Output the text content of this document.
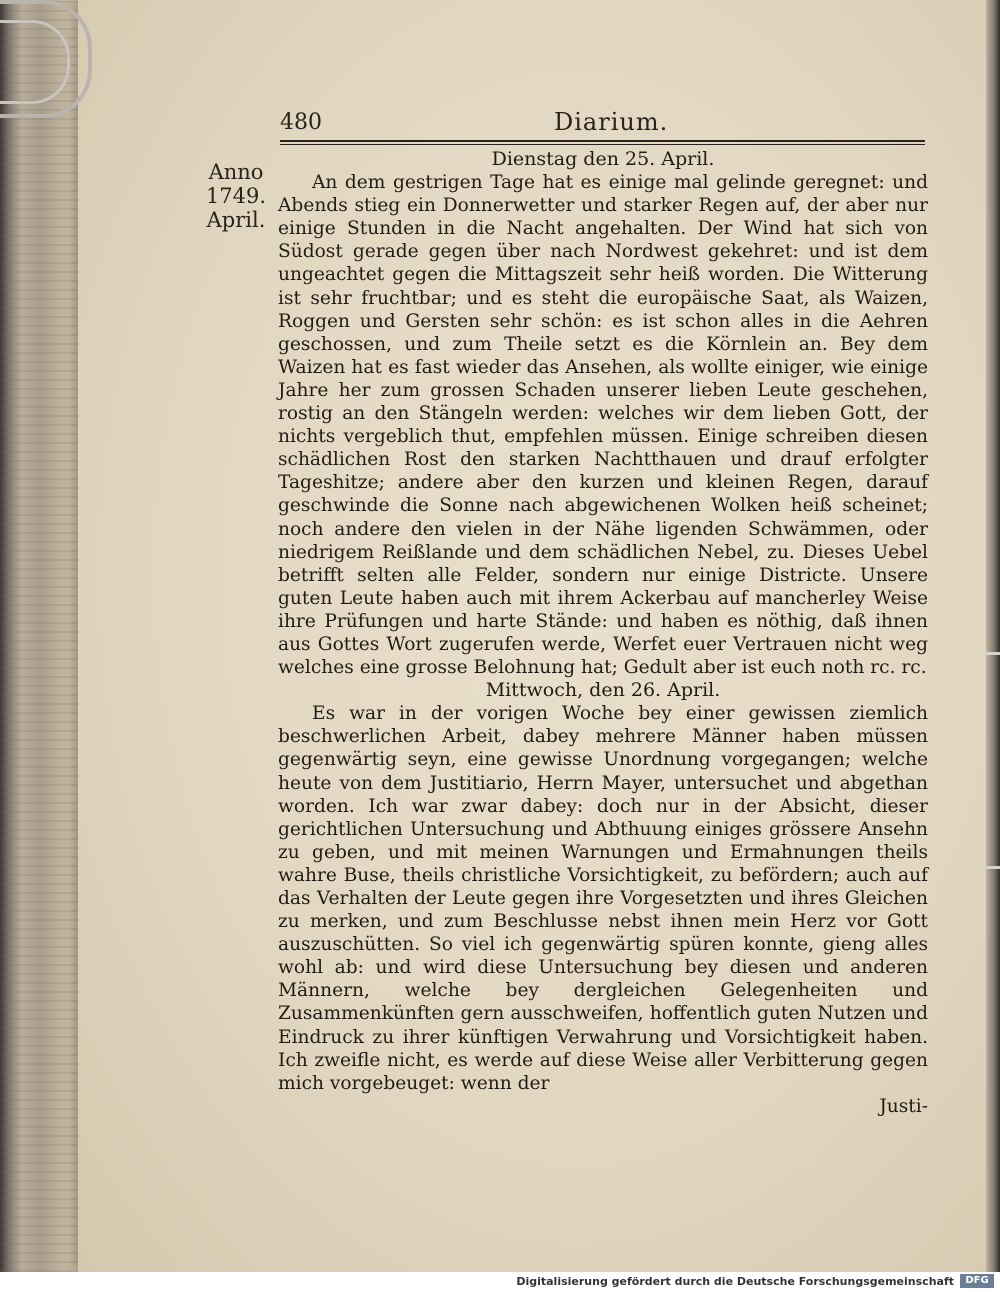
480	Diarium.
Anno
1749.
April.
Dienstag den 25. April.
An dem gestrigen Tage hat es einige mal gelinde geregnet: und Abends stieg ein Donnerwetter und starker Regen auf, der aber nur einige Stunden in die Nacht angehalten. Der Wind hat sich von Südost gerade gegen über nach Nordwest gekehret: und ist dem ungeachtet gegen die Mittagszeit sehr heiß worden. Die Witterung ist sehr fruchtbar; und es steht die europäische Saat, als Waizen, Roggen und Gersten sehr schön: es ist schon alles in die Aehren geschossen, und zum Theile setzt es die Körnlein an. Bey dem Waizen hat es fast wieder das Ansehen, als wollte einiger, wie einige Jahre her zum grossen Schaden unserer lieben Leute geschehen, rostig an den Stängeln werden: welches wir dem lieben Gott, der nichts vergeblich thut, empfehlen müssen. Einige schreiben diesen schädlichen Rost den starken Nachtthauen und drauf erfolgter Tageshitze; andere aber den kurzen und kleinen Regen, darauf geschwinde die Sonne nach abgewichenen Wolken heiß scheinet; noch andere den vielen in der Nähe ligenden Schwämmen, oder niedrigem Reißlande und dem schädlichen Nebel, zu. Dieses Uebel betrifft selten alle Felder, sondern nur einige Districte. Unsere guten Leute haben auch mit ihrem Ackerbau auf mancherley Weise ihre Prüfungen und harte Stände: und haben es nöthig, daß ihnen aus Gottes Wort zugerufen werde, Werfet euer Vertrauen nicht weg welches eine grosse Belohnung hat; Gedult aber ist euch noth rc. rc.
Mittwoch, den 26. April.
Es war in der vorigen Woche bey einer gewissen ziemlich beschwerlichen Arbeit, dabey mehrere Männer haben müssen gegenwärtig seyn, eine gewisse Unordnung vorgegangen; welche heute von dem Justitiario, Herrn Mayer, untersuchet und abgethan worden. Ich war zwar dabey: doch nur in der Absicht, dieser gerichtlichen Untersuchung und Abthuung einiges grössere Ansehn zu geben, und mit meinen Warnungen und Ermahnungen theils wahre Buse, theils christliche Vorsichtigkeit, zu befördern; auch auf das Verhalten der Leute gegen ihre Vorgesetzten und ihres Gleichen zu merken, und zum Beschlusse nebst ihnen mein Herz vor Gott auszuschütten. So viel ich gegenwärtig spüren konnte, gieng alles wohl ab: und wird diese Untersuchung bey diesen und anderen Männern, welche bey dergleichen Gelegenheiten und Zusammenkünften gern ausschweifen, hoffentlich guten Nutzen und Eindruck zu ihrer künftigen Verwahrung und Vorsichtigkeit haben. Ich zweifle nicht, es werde auf diese Weise aller Verbitterung gegen mich vorgebeuget: wenn der
Justi-
Digitalisierung gefördert durch die Deutsche Forschungsgemeinschaft	DFG
